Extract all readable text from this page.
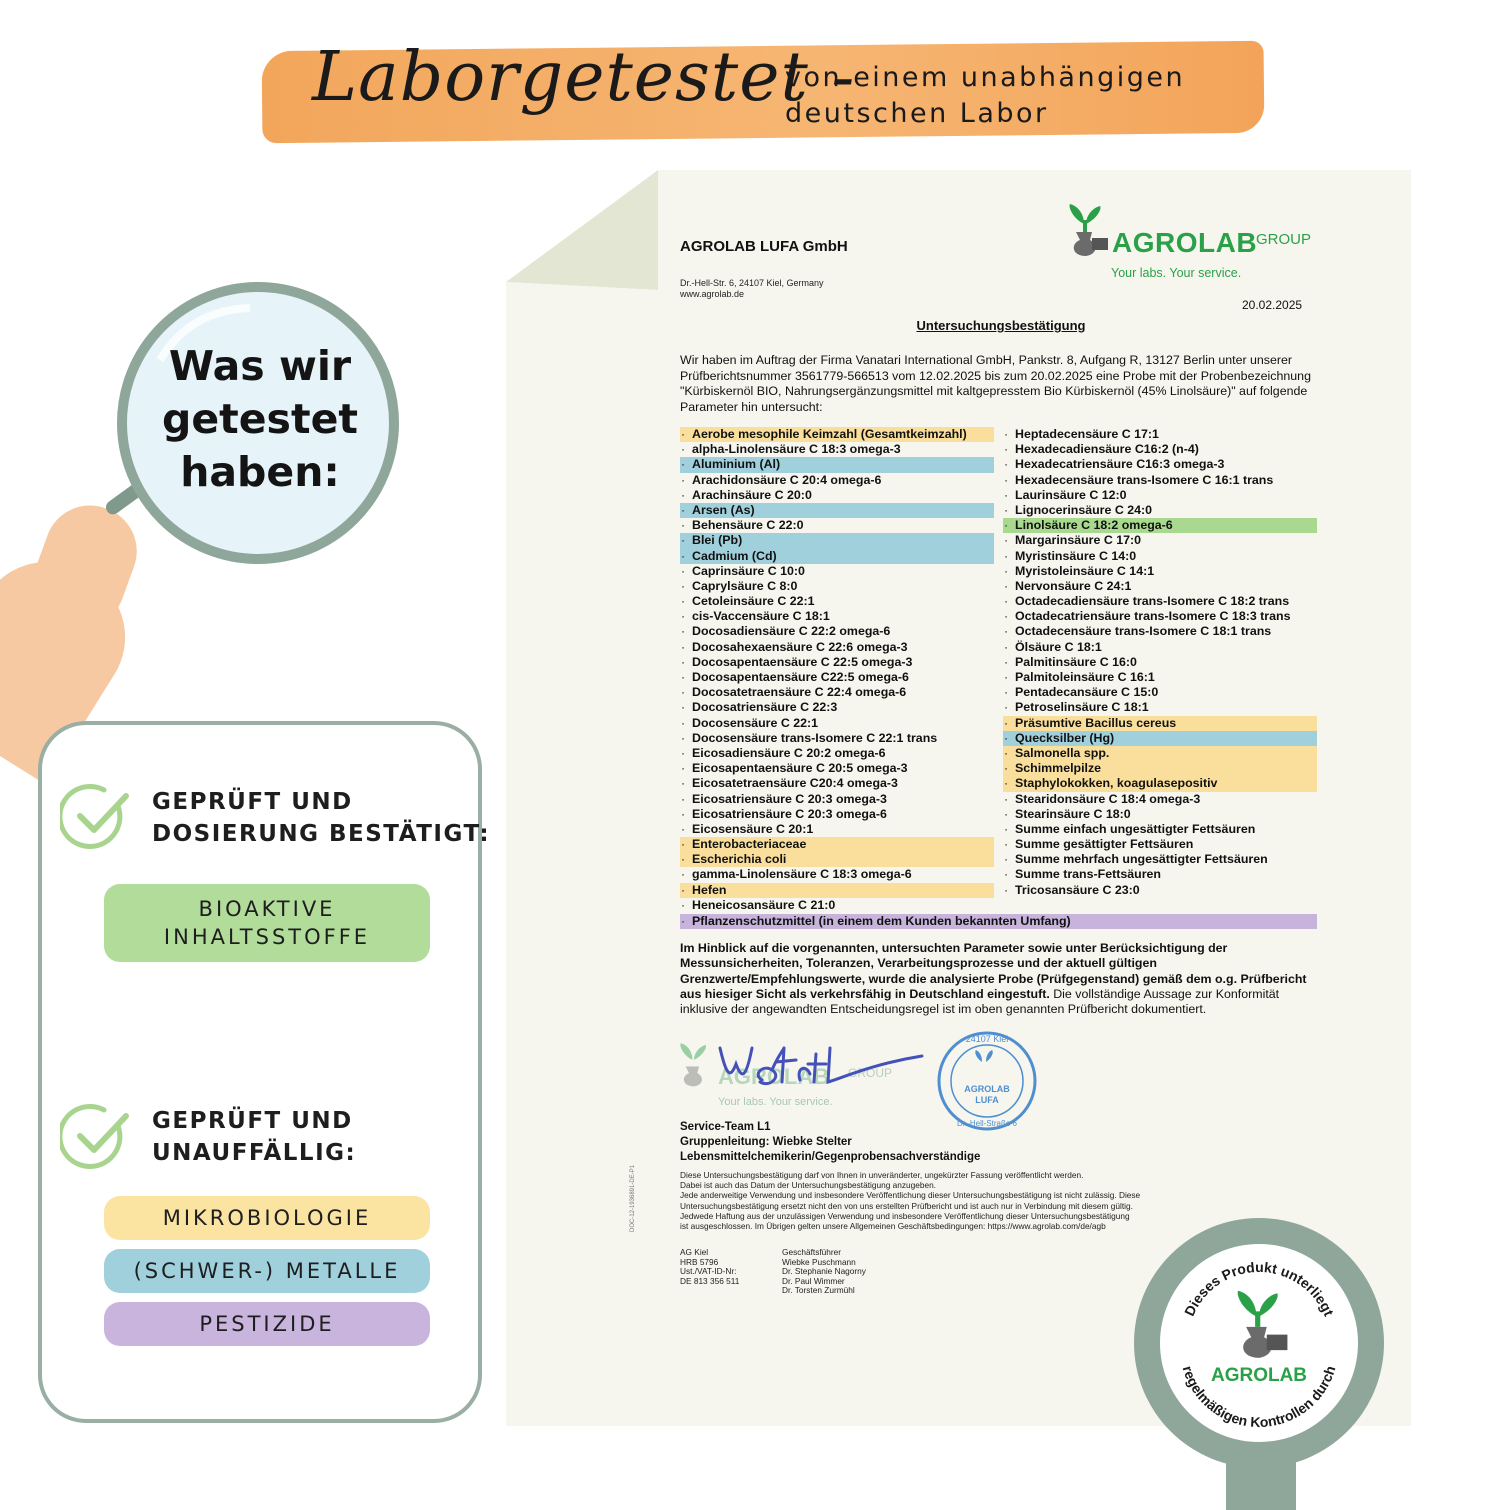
Laborgetestet -
von einem unabhängigen
deutschen Labor
Was wir
getestet
haben:
GEPRÜFT UND
DOSIERUNG BESTÄTIGT:
BIOAKTIVE
INHALTSSTOFFE
GEPRÜFT UND
UNAUFFÄLLIG:
MIKROBIOLOGIE
(SCHWER-) METALLE
PESTIZIDE
AGROLAB LUFA GmbH
Dr.-Hell-Str. 6, 24107 Kiel, Germany
www.agrolab.de
AGROLAB
GROUP
Your labs. Your service.
20.02.2025
Untersuchungsbestätigung
Wir haben im Auftrag der Firma Vanatari International GmbH, Pankstr. 8, Aufgang R, 13127 Berlin unter unserer Prüfberichtsnummer 3561779-566513 vom 12.02.2025 bis zum 20.02.2025 eine Probe mit der Probenbezeichnung "Kürbiskernöl BIO, Nahrungsergänzungsmittel mit kaltgepresstem Bio Kürbiskernöl (45% Linolsäure)" auf folgende Parameter hin untersucht:
· Aerobe mesophile Keimzahl (Gesamtkeimzahl)
· alpha-Linolensäure C 18:3 omega-3
· Aluminium (Al)
· Arachidonsäure C 20:4 omega-6
· Arachinsäure C 20:0
· Arsen (As)
· Behensäure C 22:0
· Blei (Pb)
· Cadmium (Cd)
· Caprinsäure C 10:0
· Caprylsäure C 8:0
· Cetoleinsäure C 22:1
· cis-Vaccensäure C 18:1
· Docosadiensäure C 22:2 omega-6
· Docosahexaensäure C 22:6 omega-3
· Docosapentaensäure C 22:5 omega-3
· Docosapentaensäure C22:5 omega-6
· Docosatetraensäure C 22:4 omega-6
· Docosatriensäure C 22:3
· Docosensäure C 22:1
· Docosensäure trans-Isomere C 22:1 trans
· Eicosadiensäure C 20:2 omega-6
· Eicosapentaensäure C 20:5 omega-3
· Eicosatetraensäure C20:4 omega-3
· Eicosatriensäure C 20:3 omega-3
· Eicosatriensäure C 20:3 omega-6
· Eicosensäure C 20:1
· Enterobacteriaceae
· Escherichia coli
· gamma-Linolensäure C 18:3 omega-6
· Hefen
· Heneicosansäure C 21:0
· Heptadecensäure C 17:1
· Hexadecadiensäure C16:2 (n-4)
· Hexadecatriensäure C16:3 omega-3
· Hexadecensäure trans-Isomere C 16:1 trans
· Laurinsäure C 12:0
· Lignocerinsäure C 24:0
· Linolsäure C 18:2 omega-6
· Margarinsäure C 17:0
· Myristinsäure C 14:0
· Myristoleinsäure C 14:1
· Nervonsäure C 24:1
· Octadecadiensäure trans-Isomere C 18:2 trans
· Octadecatriensäure trans-Isomere C 18:3 trans
· Octadecensäure trans-Isomere C 18:1 trans
· Ölsäure C 18:1
· Palmitinsäure C 16:0
· Palmitoleinsäure C 16:1
· Pentadecansäure C 15:0
· Petroselinsäure C 18:1
· Präsumtive Bacillus cereus
· Quecksilber (Hg)
· Salmonella spp.
· Schimmelpilze
· Staphylokokken, koagulasepositiv
· Stearidonsäure C 18:4 omega-3
· Stearinsäure C 18:0
· Summe einfach ungesättigter Fettsäuren
· Summe gesättigter Fettsäuren
· Summe mehrfach ungesättigter Fettsäuren
· Summe trans-Fettsäuren
· Tricosansäure C 23:0
· Pflanzenschutzmittel (in einem dem Kunden bekannten Umfang)
Im Hinblick auf die vorgenannten, untersuchten Parameter sowie unter Berücksichtigung der Messunsicherheiten, Toleranzen, Verarbeitungsprozesse und der aktuell gültigen Grenzwerte/Empfehlungswerte, wurde die analysierte Probe (Prüfgegenstand) gemäß dem o.g. Prüfbericht aus hiesiger Sicht als verkehrsfähig in Deutschland eingestuft. Die vollständige Aussage zur Konformität inklusive der angewandten Entscheidungsregel ist im oben genannten Prüfbericht dokumentiert.
AGROLAB GROUP
Your labs. Your service.
24107 Kiel
AGROLAB
LUFA
Dr.-Hell-Straße 6
Service-Team L1
Gruppenleitung: Wiebke Stelter
Lebensmittelchemikerin/Gegenprobensachverständige
Diese Untersuchungsbestätigung darf von Ihnen in unveränderter, ungekürzter Fassung veröffentlicht werden.
Dabei ist auch das Datum der Untersuchungsbestätigung anzugeben.
Jede anderweitige Verwendung und insbesondere Veröffentlichung dieser Untersuchungsbestätigung ist nicht zulässig. Diese
Untersuchungsbestätigung ersetzt nicht den von uns erstellten Prüfbericht und ist auch nur in Verbindung mit diesem gültig.
Jedwede Haftung aus der unzulässigen Verwendung und insbesondere Veröffentlichung dieser Untersuchungsbestätigung
ist ausgeschlossen. Im Übrigen gelten unsere Allgemeinen Geschäftsbedingungen: https://www.agrolab.com/de/agb
AG Kiel
HRB 5796
Ust./VAT-ID-Nr:
DE 813 356 511
Geschäftsführer
Wiebke Puschmann
Dr. Stephanie Nagorny
Dr. Paul Wimmer
Dr. Torsten Zurmühl
DOC-12-1936891-DE-P1
Dieses Produkt unterliegt
regelmäßigen Kontrollen durch
AGROLAB
